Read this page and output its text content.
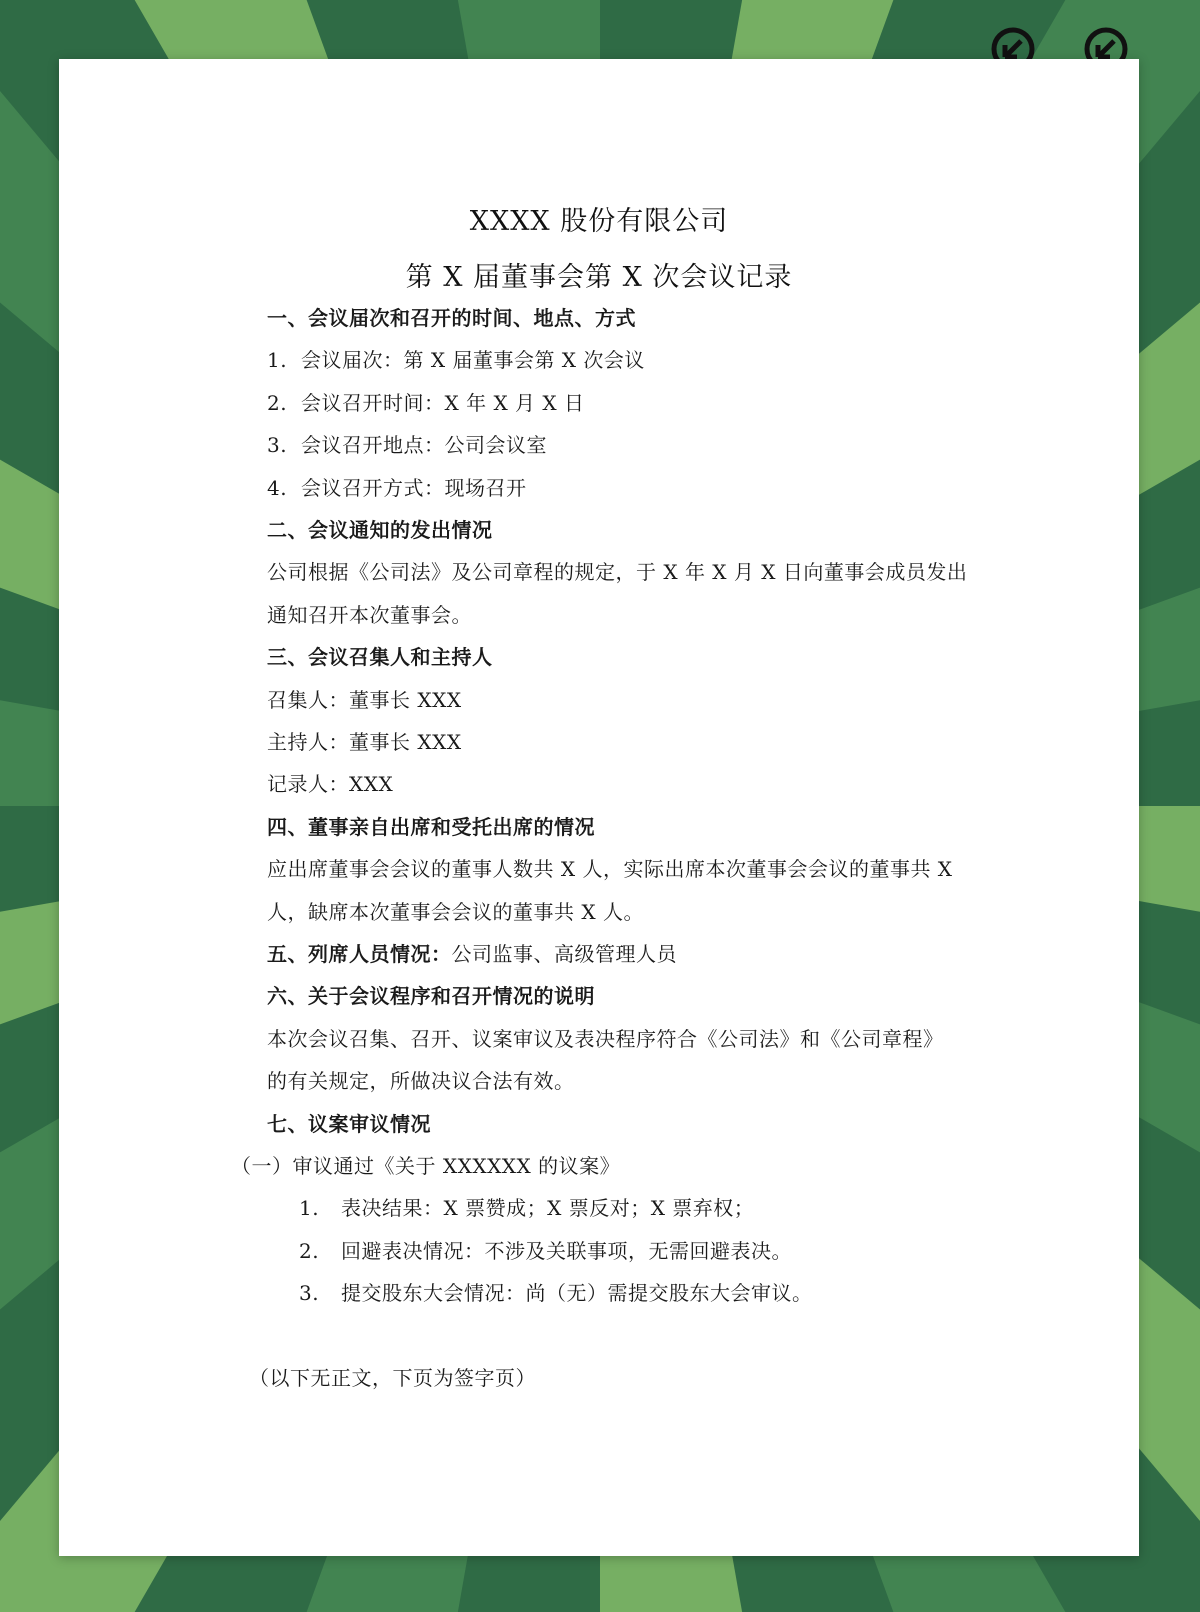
XXXX 股份有限公司
第 X 届董事会第 X 次会议记录
一、会议届次和召开的时间、地点、方式
1. 会议届次：第 X 届董事会第 X 次会议
2. 会议召开时间：X 年 X 月 X 日
3. 会议召开地点：公司会议室
4. 会议召开方式：现场召开
二、会议通知的发出情况
公司根据《公司法》及公司章程的规定，于 X 年 X 月 X 日向董事会成员发出
通知召开本次董事会。
三、会议召集人和主持人
召集人：董事长 XXX
主持人：董事长 XXX
记录人：XXX
四、董事亲自出席和受托出席的情况
应出席董事会会议的董事人数共 X 人，实际出席本次董事会会议的董事共 X
人，缺席本次董事会会议的董事共 X 人。
五、列席人员情况：公司监事、高级管理人员
六、关于会议程序和召开情况的说明
本次会议召集、召开、议案审议及表决程序符合《公司法》和《公司章程》
的有关规定，所做决议合法有效。
七、议案审议情况
（一）审议通过《关于 XXXXXX 的议案》
1. 表决结果：X 票赞成；X 票反对；X 票弃权；
2. 回避表决情况：不涉及关联事项，无需回避表决。
3. 提交股东大会情况：尚（无）需提交股东大会审议。
（以下无正文，下页为签字页）
